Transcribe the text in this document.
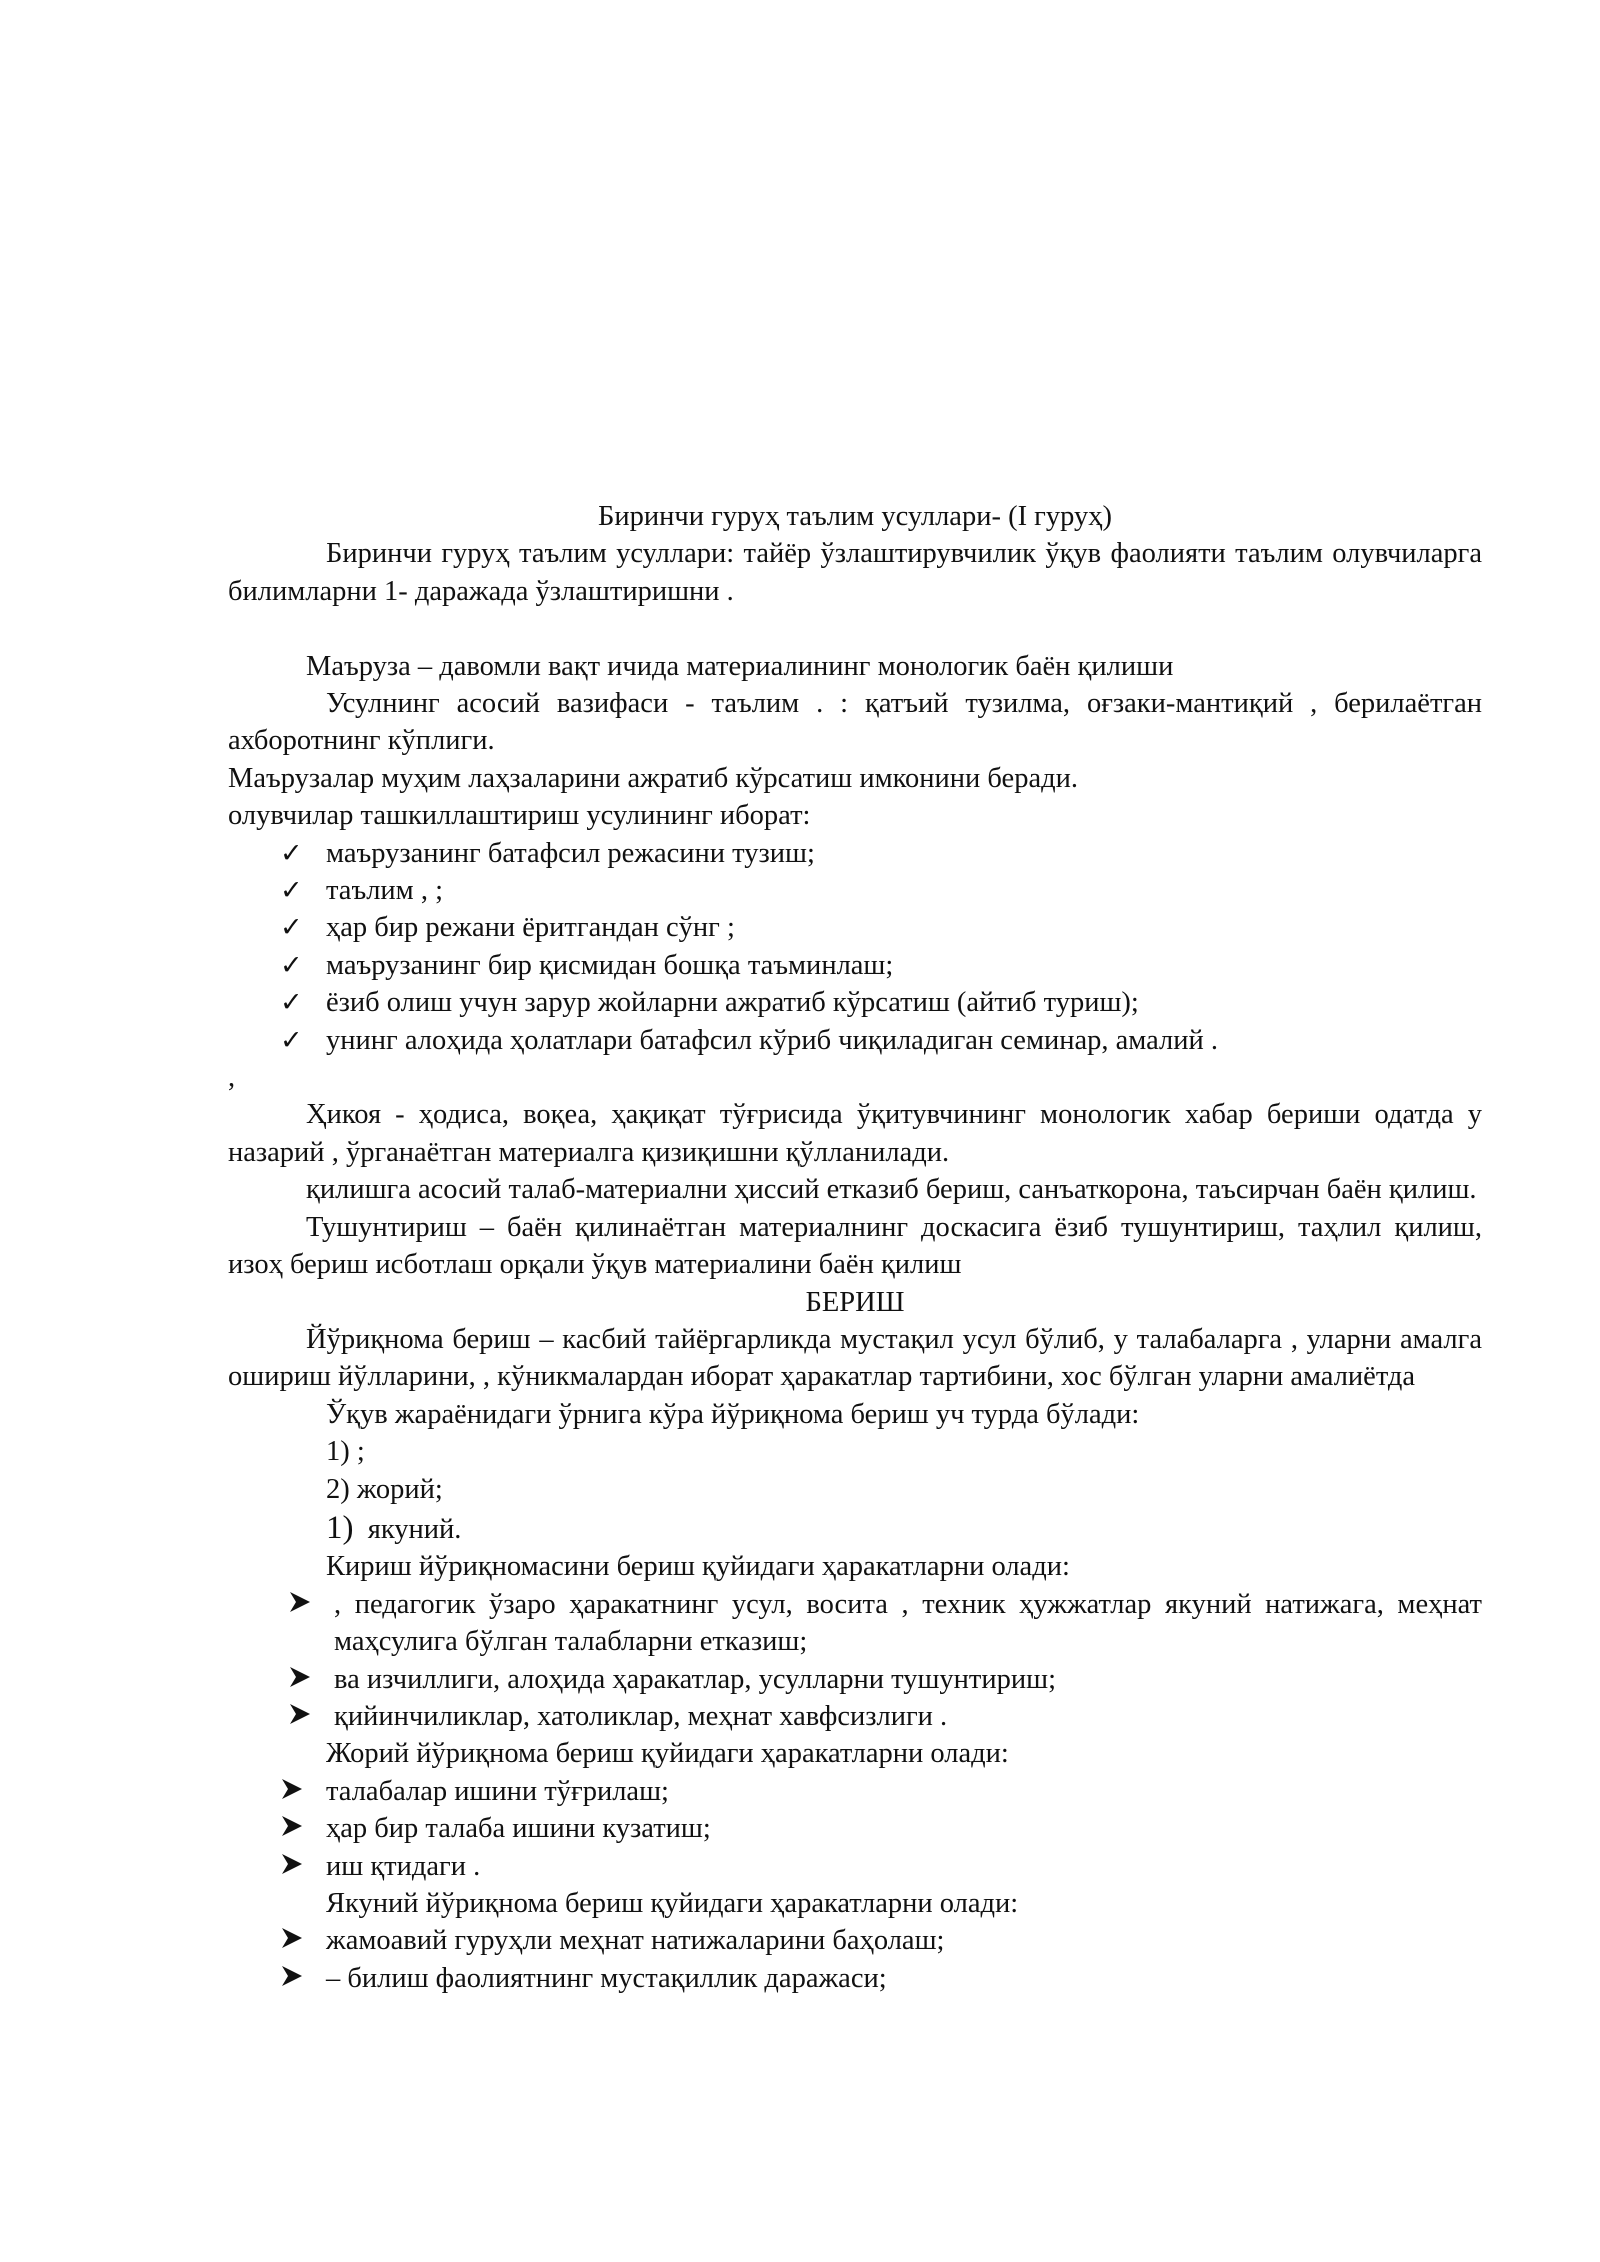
Биринчи гуруҳ таълим усуллари- (I гуруҳ)

Биринчи гуруҳ таълим усуллари: тайёр ўзлаштирувчилик ўқув фаолияти таълим олувчиларга билимларни 1- даражада ўзлаштиришни .

Маъруза – давомли вақт ичида материалининг монологик баён қилиши

Усулнинг асосий вазифаси - таълим . : қатъий тузилма, оғзаки-мантиқий , берилаётган ахборотнинг кўплиги.

Маърузалар муҳим лаҳзаларини ажратиб кўрсатиш имконини беради.

олувчилар ташкиллаштириш усулининг иборат:

✓ маърузанинг батафсил режасини тузиш;
✓ таълим , ;
✓ ҳар бир режани ёритгандан сўнг ;
✓ маърузанинг бир қисмидан бошқа таъминлаш;
✓ ёзиб олиш учун зарур жойларни ажратиб кўрсатиш (айтиб туриш);
✓ унинг алоҳида ҳолатлари батафсил кўриб чиқиладиган семинар, амалий .

,

Ҳикоя - ҳодиса, воқеа, ҳақиқат тўғрисида ўқитувчининг монологик хабар бериши одатда у назарий , ўрганаётган материалга қизиқишни қўлланилади.

қилишга асосий талаб-материални ҳиссий етказиб бериш, санъаткорона, таъсирчан баён қилиш.

Тушунтириш – баён қилинаётган материалнинг доскасига ёзиб тушунтириш, таҳлил қилиш, изоҳ бериш исботлаш орқали ўқув материалини баён қилиш

БЕРИШ

Йўриқнома бериш – касбий тайёргарликда мустақил усул бўлиб, у талабаларга , уларни амалга ошириш йўлларини, , кўникмалардан иборат ҳаракатлар тартибини, хос бўлган уларни амалиётда

Ўқув жараёнидаги ўрнига кўра йўриқнома бериш уч турда бўлади:

1) ;

2) жорий;

1) якуний.

Кириш йўриқномасини бериш қуйидаги ҳаракатларни олади:

, педагогик ўзаро ҳаракатнинг усул, восита , техник ҳужжатлар якуний натижага, меҳнат маҳсулига бўлган талабларни етказиш;
ва изчиллиги, алоҳида ҳаракатлар, усулларни тушунтириш;
қийинчиликлар, хатоликлар, меҳнат хавфсизлиги .

Жорий йўриқнома бериш қуйидаги ҳаракатларни олади:

талабалар ишини тўғрилаш;
ҳар бир талаба ишини кузатиш;
иш қтидаги .

Якуний йўриқнома бериш қуйидаги ҳаракатларни олади:

жамоавий гуруҳли меҳнат натижаларини баҳолаш;
– билиш фаолиятнинг мустақиллик даражаси;
